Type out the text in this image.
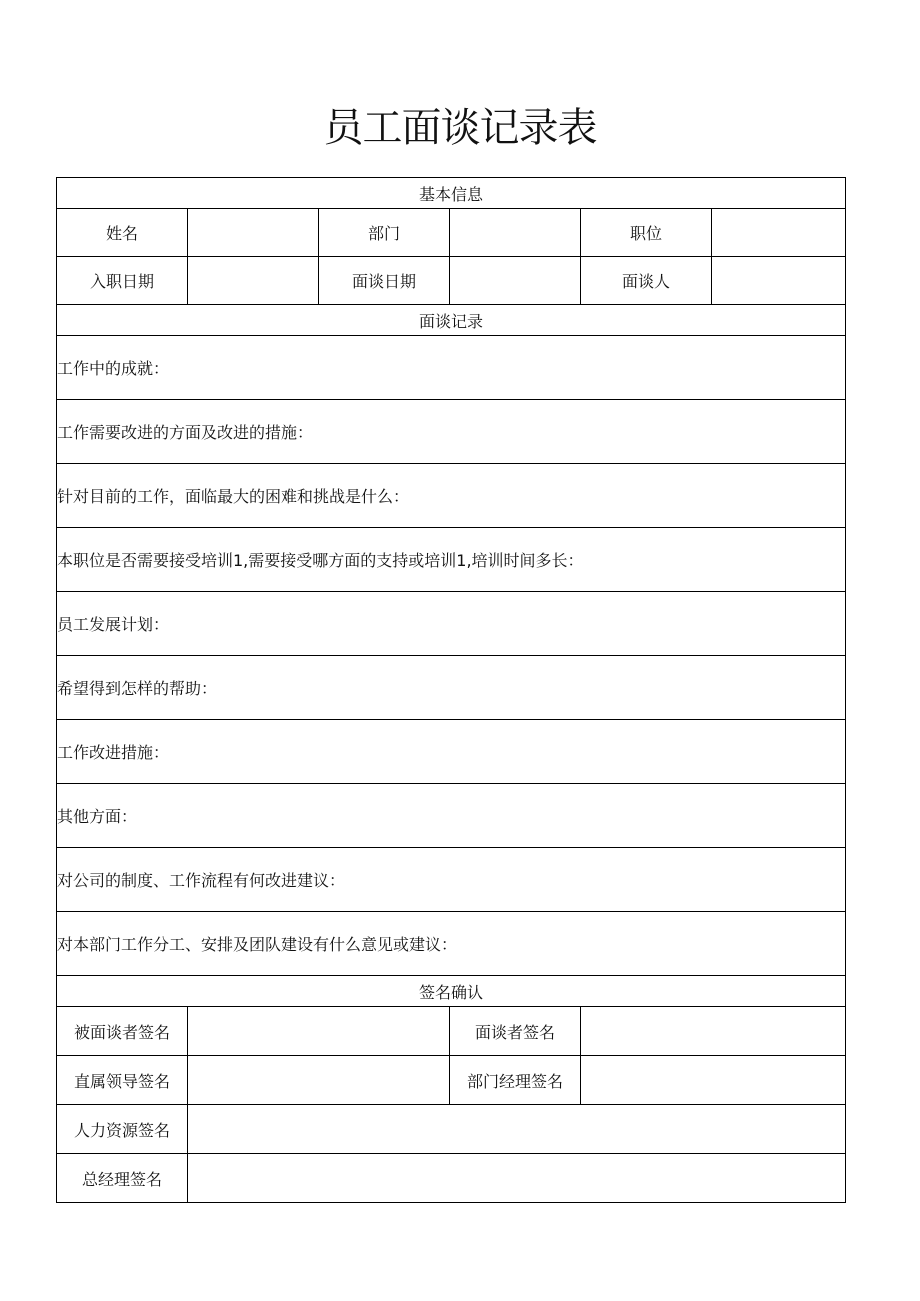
员工面谈记录表
基本信息					
姓名		部门		职位	
入职日期		面谈日期		面谈人	
面谈记录					
工作中的成就：					
工作需要改进的方面及改进的措施：					
针对目前的工作，面临最大的困难和挑战是什么：					
本职位是否需要接受培训1,需要接受哪方面的支持或培训1,培训时间多长：					
员工发展计划：					
希望得到怎样的帮助：					
工作改进措施：					
其他方面：					
对公司的制度、工作流程有何改进建议：					
对本部门工作分工、安排及团队建设有什么意见或建议：					
签名确认					
被面谈者签名			面谈者签名		
直属领导签名			部门经理签名		
人力资源签名					
总经理签名					
